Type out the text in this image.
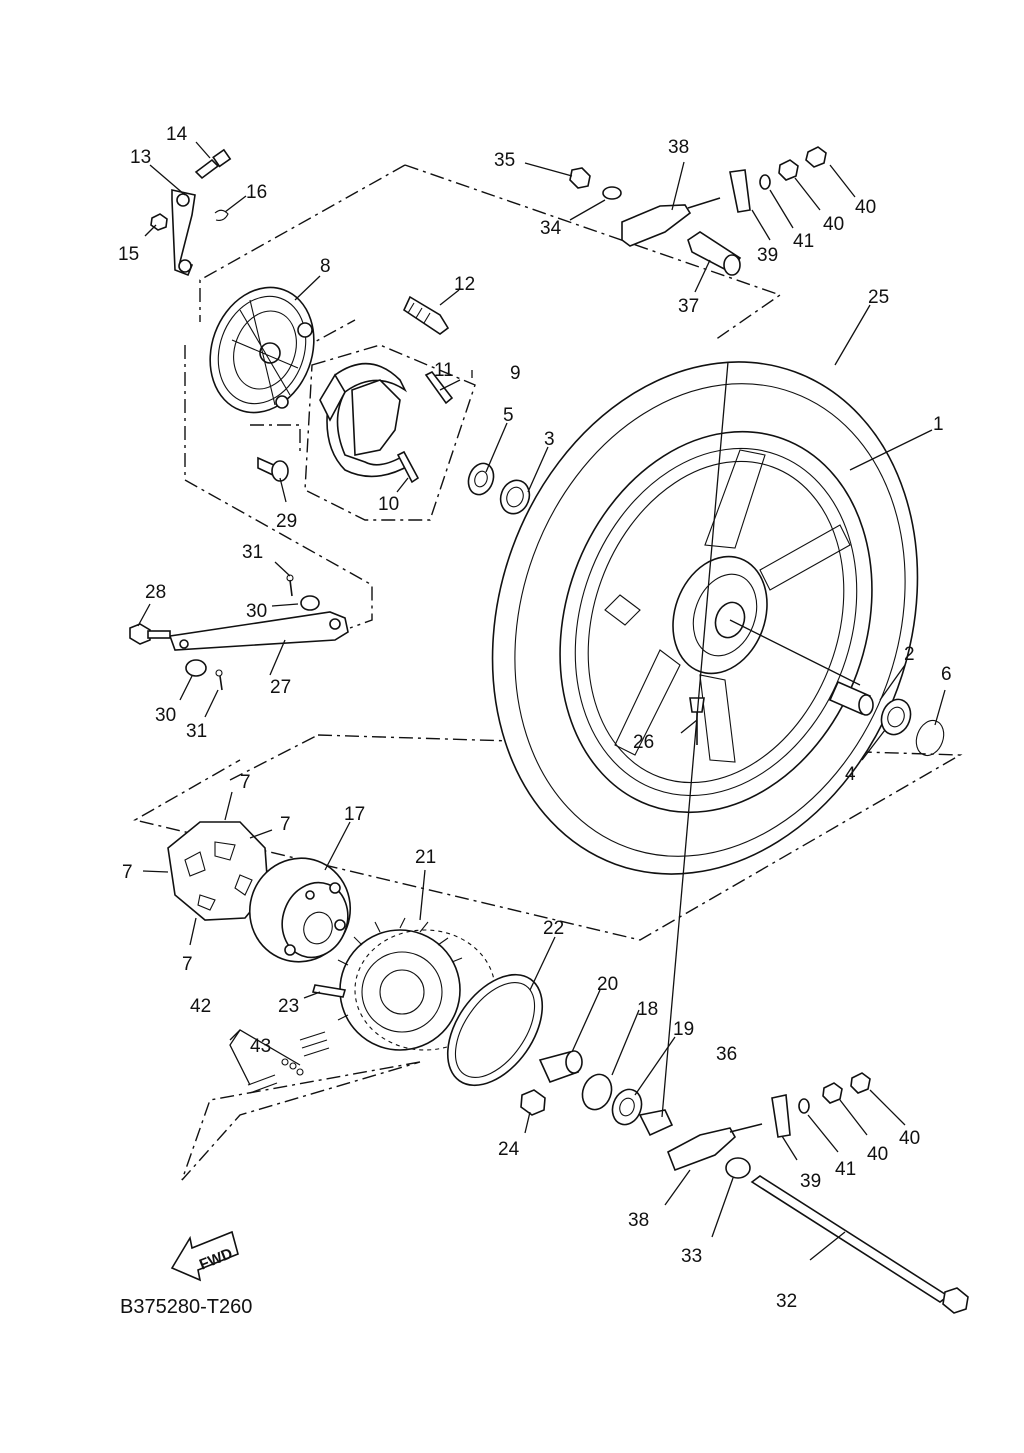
FWD
1
2
3
4
5
6
7
7
7
7
8
9
10
11
12
13
14
15
16
17
18
19
20
21
22
23
24
25
26
27
28
29
30
30
31
31
32
33
34
35
36
37
38
38
39
39
40
40
40
40
41
41
42
43
B375280-T260
